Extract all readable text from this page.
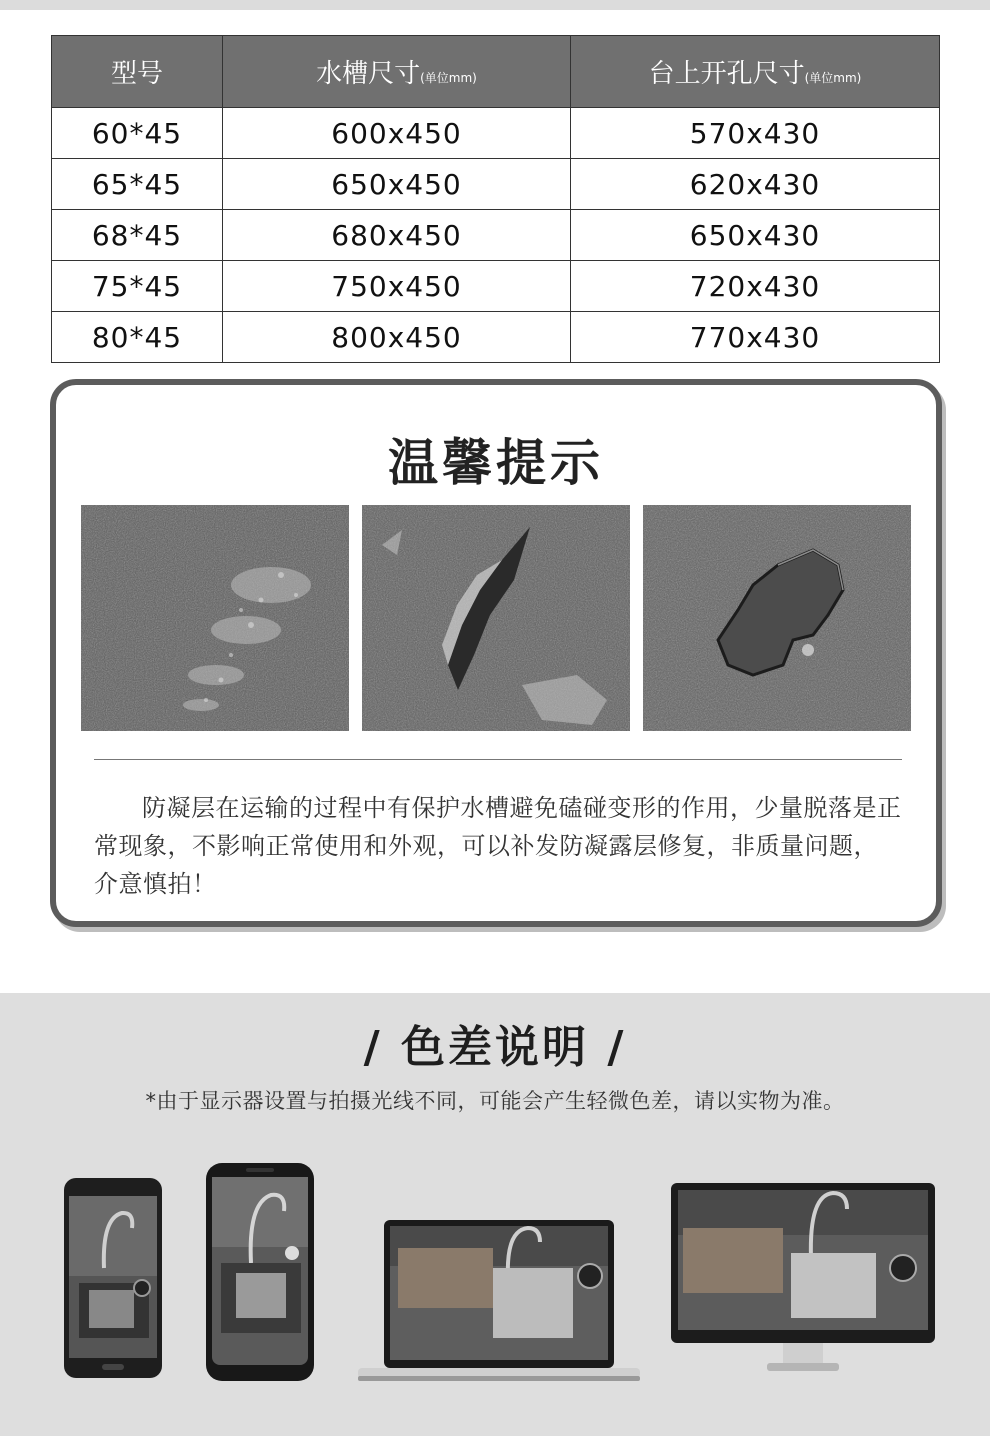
型号	水槽尺寸(单位mm)	台上开孔尺寸(单位mm)
60*45	600x450	570x430
65*45	650x450	620x430
68*45	680x450	650x430
75*45	750x450	720x430
80*45	800x450	770x430
温馨提示

防凝层在运输的过程中有保护水槽避免磕碰变形的作用，少量脱落是正常现象，不影响正常使用和外观，可以补发防凝露层修复，非质量问题，介意慎拍！

/ 色差说明 /
*由于显示器设置与拍摄光线不同，可能会产生轻微色差，请以实物为准。
